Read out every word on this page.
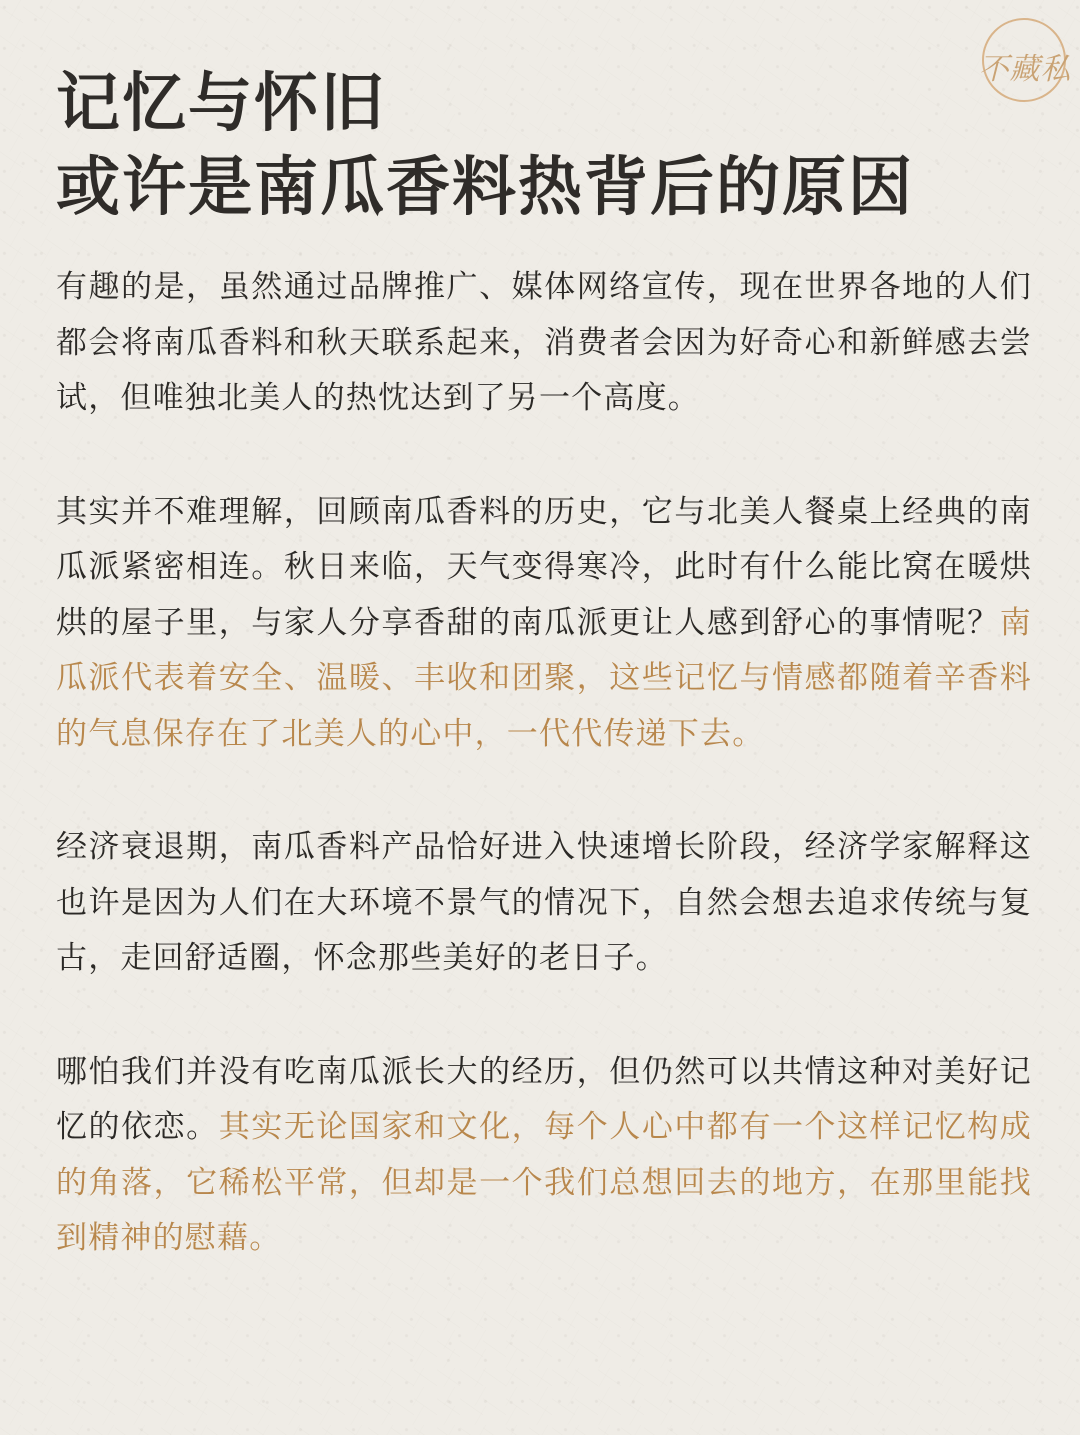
不藏私
记忆与怀旧
或许是南瓜香料热背后的原因

有趣的是，虽然通过品牌推广、媒体网络宣传，现在世界各地的人们都会将南瓜香料和秋天联系起来，消费者会因为好奇心和新鲜感去尝试，但唯独北美人的热忱达到了另一个高度。

其实并不难理解，回顾南瓜香料的历史，它与北美人餐桌上经典的南瓜派紧密相连。秋日来临，天气变得寒冷，此时有什么能比窝在暖烘烘的屋子里，与家人分享香甜的南瓜派更让人感到舒心的事情呢？南瓜派代表着安全、温暖、丰收和团聚，这些记忆与情感都随着辛香料的气息保存在了北美人的心中，一代代传递下去。

经济衰退期，南瓜香料产品恰好进入快速增长阶段，经济学家解释这也许是因为人们在大环境不景气的情况下，自然会想去追求传统与复古，走回舒适圈，怀念那些美好的老日子。

哪怕我们并没有吃南瓜派长大的经历，但仍然可以共情这种对美好记忆的依恋。其实无论国家和文化，每个人心中都有一个这样记忆构成的角落，它稀松平常，但却是一个我们总想回去的地方，在那里能找到精神的慰藉。
